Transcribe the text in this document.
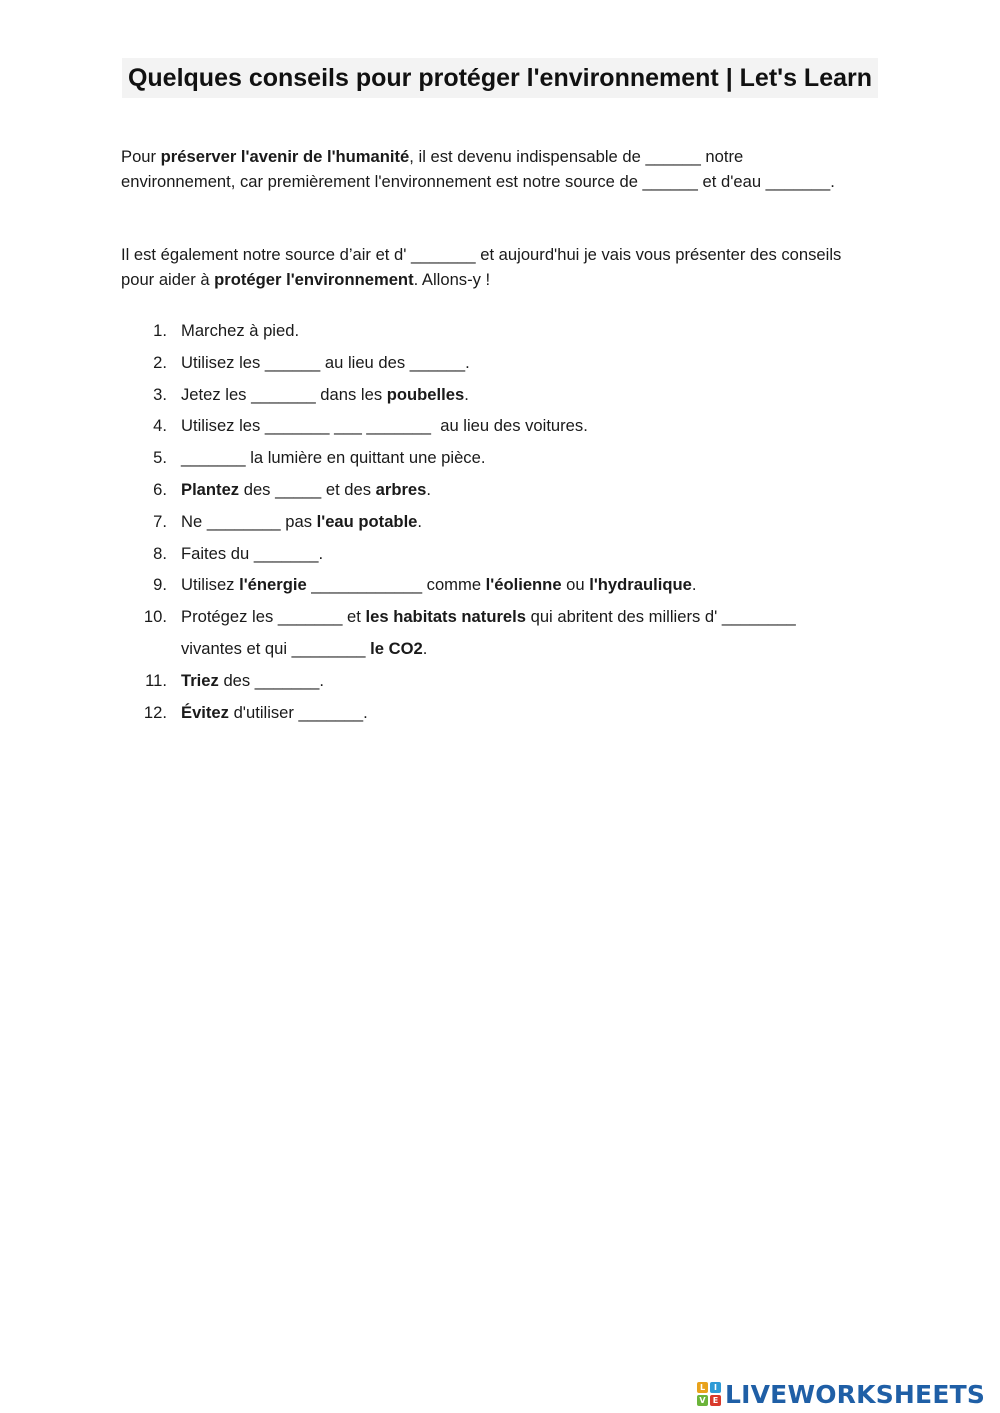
Quelques conseils pour protéger l'environnement | Let's Learn
Pour préserver l'avenir de l'humanité, il est devenu indispensable de ______ notre environnement, car premièrement l'environnement est notre source de ______ et d'eau _______.
Il est également notre source d’air et d' _______ et aujourd'hui je vais vous présenter des conseils pour aider à protéger l'environnement. Allons-y !
1. Marchez à pied.
2. Utilisez les ______ au lieu des ______.
3. Jetez les _______ dans les poubelles.
4. Utilisez les _______ ___ _______  au lieu des voitures.
5. _______ la lumière en quittant une pièce.
6. Plantez des _____ et des arbres.
7. Ne ________ pas l'eau potable.
8. Faites du _______.
9. Utilisez l'énergie ____________ comme l'éolienne ou l'hydraulique.
10. Protégez les _______ et les habitats naturels qui abritent des milliers d' ________
vivantes et qui ________ le CO2.
11. Triez des _______.
12. Évitez d'utiliser _______.
L	I
V E LIVEWORKSHEETS
